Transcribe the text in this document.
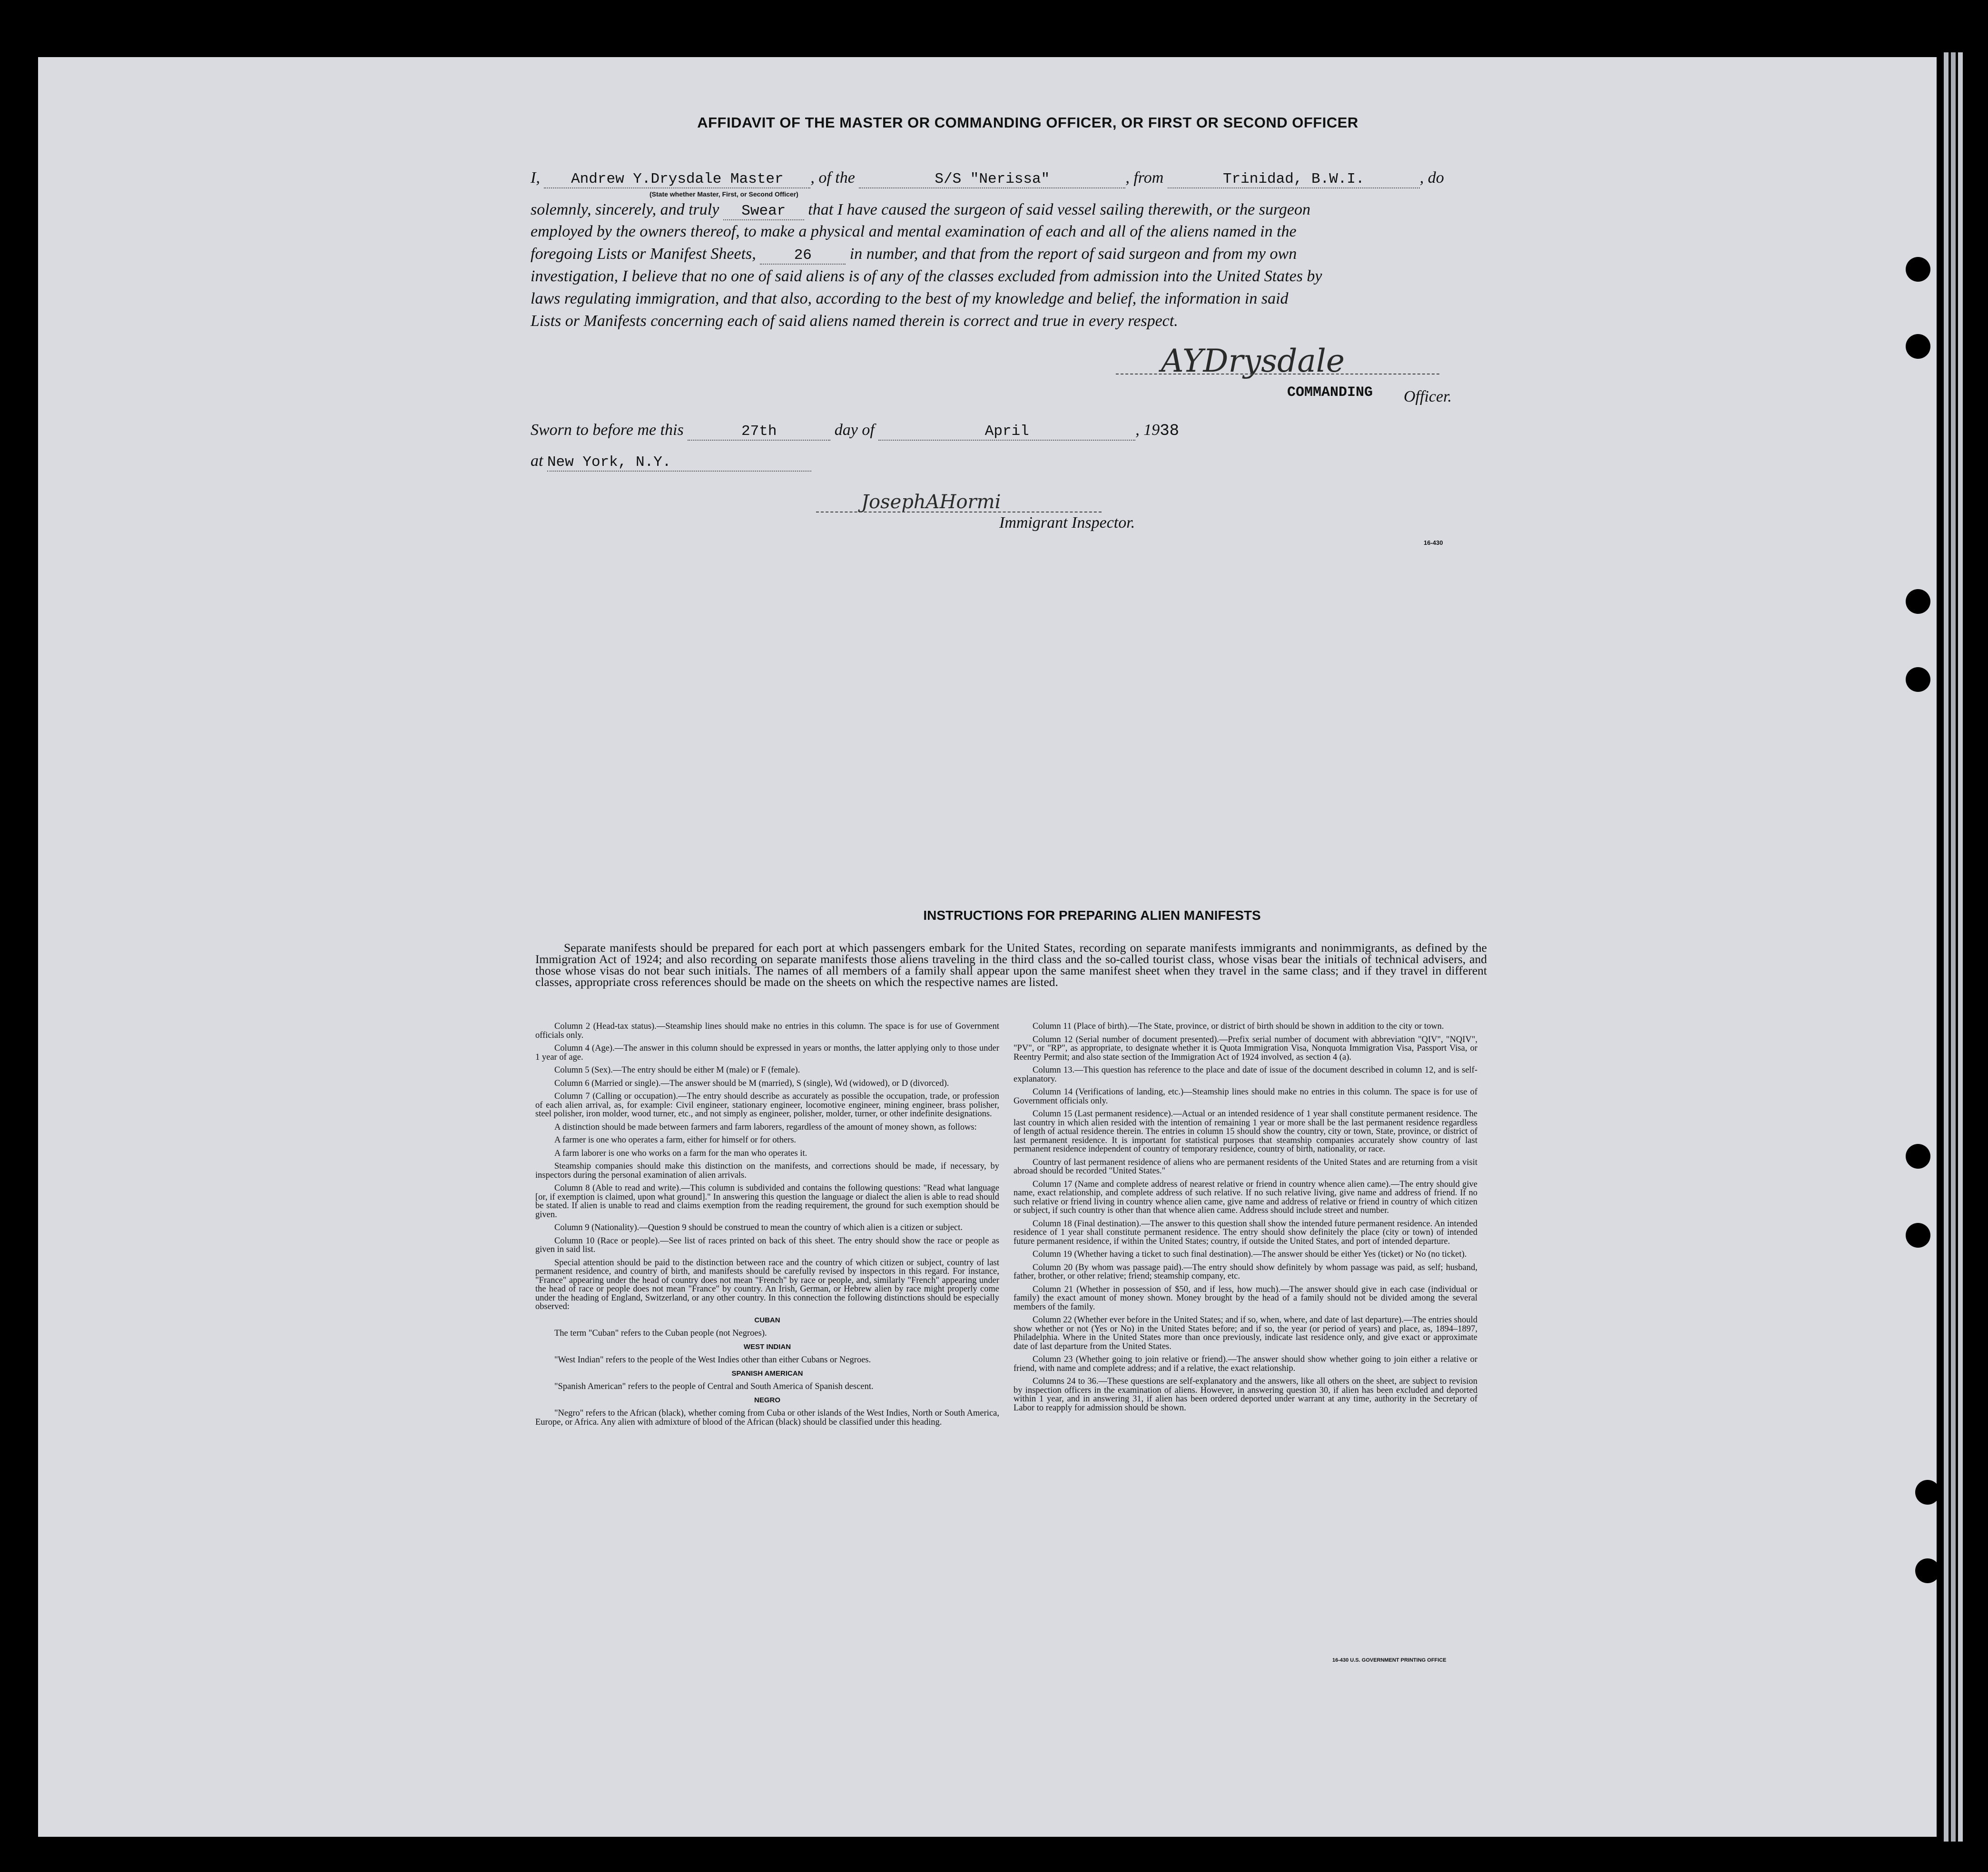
AFFIDAVIT OF THE MASTER OR COMMANDING OFFICER, OR FIRST OR SECOND OFFICER
I, Andrew Y.Drysdale Master , of the	S/S "Nerissa"	, from	Trinidad, B.W.I.	, do
(State whether Master, First, or Second Officer)
solemnly, sincerely, and truly Swear that I have caused the surgeon of said vessel sailing therewith, or the surgeon
employed by the owners thereof, to make a physical and mental examination of each and all of the aliens named in the
foregoing Lists or Manifest Sheets,	26 in number, and that from the report of said surgeon and from my own
investigation, I believe that no one of said aliens is of any of the classes excluded from admission into the United States by
laws regulating immigration, and that also, according to the best of my knowledge and belief, the information in said
Lists or Manifests concerning each of said aliens named therein is correct and true in every respect.
AYDrysdale
COMMANDING Officer.
Sworn to before me this	27th	day of	April	, 1938
at New York, N.Y.
JosephAHormi
Immigrant Inspector.
16-430
INSTRUCTIONS FOR PREPARING ALIEN MANIFESTS
Separate manifests should be prepared for each port at which passengers embark for the United States, recording on separate manifests immigrants and nonimmigrants, as defined by the Immigration Act of 1924; and also recording on separate manifests those aliens traveling in the third class and the so-called tourist class, whose visas bear the initials of technical advisers, and those whose visas do not bear such initials. The names of all members of a family shall appear upon the same manifest sheet when they travel in the same class; and if they travel in different classes, appropriate cross references should be made on the sheets on which the respective names are listed.

Column 2 (Head-tax status).—Steamship lines should make no entries in this column. The space is for use of Government officials only.

Column 4 (Age).—The answer in this column should be expressed in years or months, the latter applying only to those under 1 year of age.

Column 5 (Sex).—The entry should be either M (male) or F (female).

Column 6 (Married or single).—The answer should be M (married), S (single), Wd (widowed), or D (divorced).

Column 7 (Calling or occupation).—The entry should describe as accurately as possible the occupation, trade, or profession of each alien arrival, as, for example: Civil engineer, stationary engineer, locomotive engineer, mining engineer, brass polisher, steel polisher, iron molder, wood turner, etc., and not simply as engineer, polisher, molder, turner, or other indefinite designations.

A distinction should be made between farmers and farm laborers, regardless of the amount of money shown, as follows:

A farmer is one who operates a farm, either for himself or for others.

A farm laborer is one who works on a farm for the man who operates it.

Steamship companies should make this distinction on the manifests, and corrections should be made, if necessary, by inspectors during the personal examination of alien arrivals.

Column 8 (Able to read and write).—This column is subdivided and contains the following questions: "Read what language [or, if exemption is claimed, upon what ground]." In answering this question the language or dialect the alien is able to read should be stated. If alien is unable to read and claims exemption from the reading requirement, the ground for such exemption should be given.

Column 9 (Nationality).—Question 9 should be construed to mean the country of which alien is a citizen or subject.

Column 10 (Race or people).—See list of races printed on back of this sheet. The entry should show the race or people as given in said list.

Special attention should be paid to the distinction between race and the country of which citizen or subject, country of last permanent residence, and country of birth, and manifests should be carefully revised by inspectors in this regard. For instance, "France" appearing under the head of country does not mean "French" by race or people, and, similarly "French" appearing under the head of race or people does not mean "France" by country. An Irish, German, or Hebrew alien by race might properly come under the heading of England, Switzerland, or any other country. In this connection the following distinctions should be especially observed:

CUBAN

The term "Cuban" refers to the Cuban people (not Negroes).

WEST INDIAN

"West Indian" refers to the people of the West Indies other than either Cubans or Negroes.

SPANISH AMERICAN

"Spanish American" refers to the people of Central and South America of Spanish descent.

NEGRO

"Negro" refers to the African (black), whether coming from Cuba or other islands of the West Indies, North or South America, Europe, or Africa. Any alien with admixture of blood of the African (black) should be classified under this heading.

Column 11 (Place of birth).—The State, province, or district of birth should be shown in addition to the city or town.

Column 12 (Serial number of document presented).—Prefix serial number of document with abbreviation "QIV", "NQIV", "PV", or "RP", as appropriate, to designate whether it is Quota Immigration Visa, Nonquota Immigration Visa, Passport Visa, or Reentry Permit; and also state section of the Immigration Act of 1924 involved, as section 4 (a).

Column 13.—This question has reference to the place and date of issue of the document described in column 12, and is self-explanatory.

Column 14 (Verifications of landing, etc.)—Steamship lines should make no entries in this column. The space is for use of Government officials only.

Column 15 (Last permanent residence).—Actual or an intended residence of 1 year shall constitute permanent residence. The last country in which alien resided with the intention of remaining 1 year or more shall be the last permanent residence regardless of length of actual residence therein. The entries in column 15 should show the country, city or town, State, province, or district of last permanent residence. It is important for statistical purposes that steamship companies accurately show country of last permanent residence independent of country of temporary residence, country of birth, nationality, or race.

Country of last permanent residence of aliens who are permanent residents of the United States and are returning from a visit abroad should be recorded "United States."

Column 17 (Name and complete address of nearest relative or friend in country whence alien came).—The entry should give name, exact relationship, and complete address of such relative. If no such relative living, give name and address of friend. If no such relative or friend living in country whence alien came, give name and address of relative or friend in country of which citizen or subject, if such country is other than that whence alien came. Address should include street and number.

Column 18 (Final destination).—The answer to this question shall show the intended future permanent residence. An intended residence of 1 year shall constitute permanent residence. The entry should show definitely the place (city or town) of intended future permanent residence, if within the United States; country, if outside the United States, and port of intended departure.

Column 19 (Whether having a ticket to such final destination).—The answer should be either Yes (ticket) or No (no ticket).

Column 20 (By whom was passage paid).—The entry should show definitely by whom passage was paid, as self; husband, father, brother, or other relative; friend; steamship company, etc.

Column 21 (Whether in possession of $50, and if less, how much).—The answer should give in each case (individual or family) the exact amount of money shown. Money brought by the head of a family should not be divided among the several members of the family.

Column 22 (Whether ever before in the United States; and if so, when, where, and date of last departure).—The entries should show whether or not (Yes or No) in the United States before; and if so, the year (or period of years) and place, as, 1894–1897, Philadelphia. Where in the United States more than once previously, indicate last residence only, and give exact or approximate date of last departure from the United States.

Column 23 (Whether going to join relative or friend).—The answer should show whether going to join either a relative or friend, with name and complete address; and if a relative, the exact relationship.

Columns 24 to 36.—These questions are self-explanatory and the answers, like all others on the sheet, are subject to revision by inspection officers in the examination of aliens. However, in answering question 30, if alien has been excluded and deported within 1 year, and in answering 31, if alien has been ordered deported under warrant at any time, authority in the Secretary of Labor to reapply for admission should be shown.

16-430 U.S. GOVERNMENT PRINTING OFFICE
